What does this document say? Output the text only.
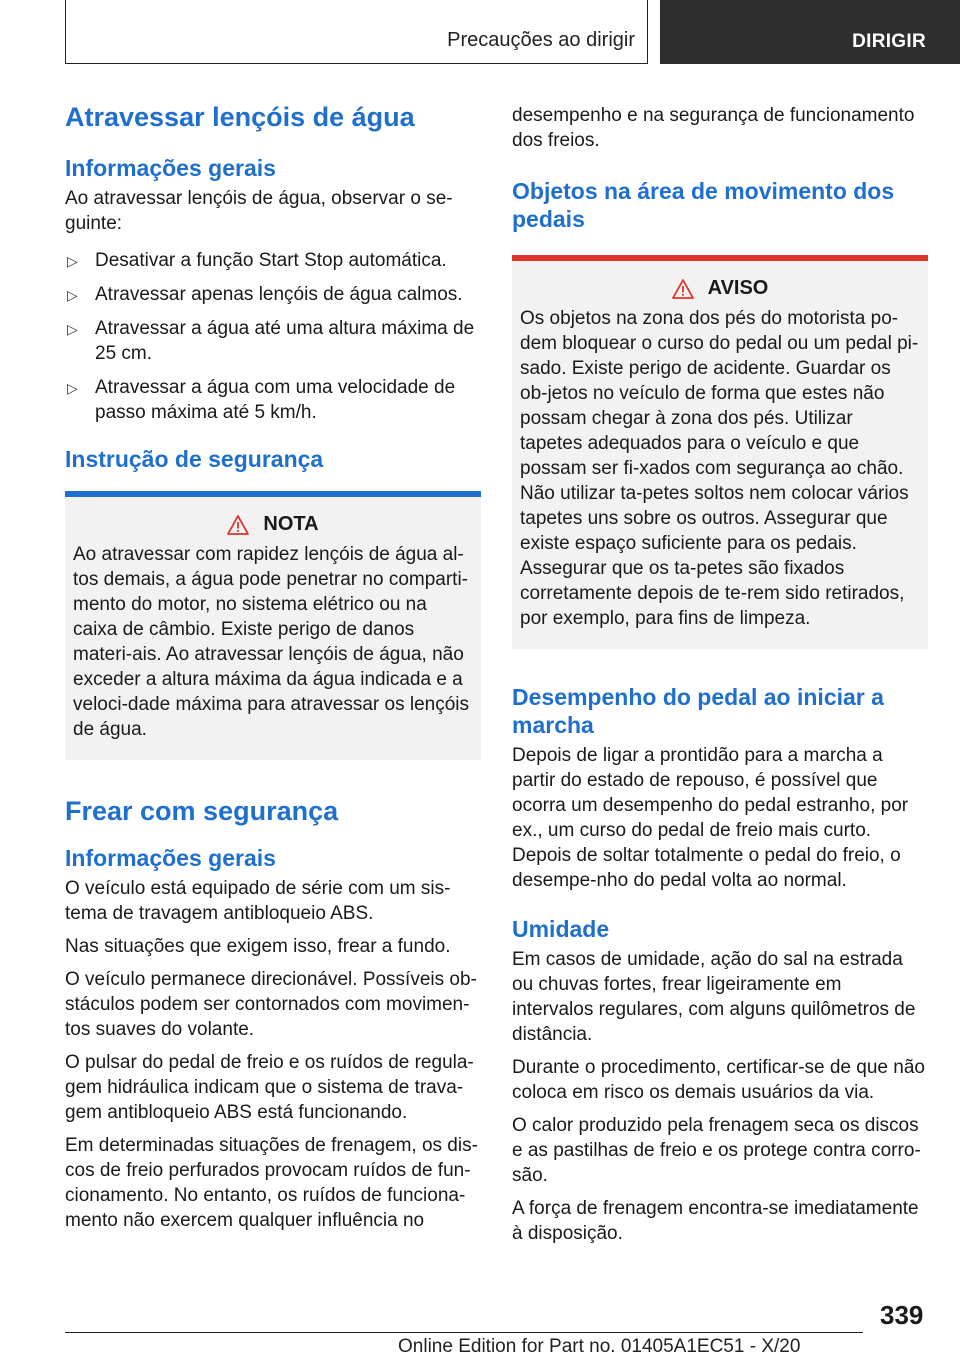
Precauções ao dirigir	DIRIGIR
Atravessar lençóis de água
Informações gerais

Ao atravessar lençóis de água, observar o se-guinte:

▷ Desativar a função Start Stop automática.
▷ Atravessar apenas lençóis de água calmos.
▷ Atravessar a água até uma altura máxima de 25 cm.
▷ Atravessar a água com uma velocidade de passo máxima até 5 km/h.
Instrução de segurança
NOTA

Ao atravessar com rapidez lençóis de água al-tos demais, a água pode penetrar no comparti-mento do motor, no sistema elétrico ou na caixa de câmbio. Existe perigo de danos materi-ais. Ao atravessar lençóis de água, não exceder a altura máxima da água indicada e a veloci-dade máxima para atravessar os lençóis de água.

Frear com segurança
Informações gerais

O veículo está equipado de série com um sis-tema de travagem antibloqueio ABS.

Nas situações que exigem isso, frear a fundo.

O veículo permanece direcionável. Possíveis ob-stáculos podem ser contornados com movimen-tos suaves do volante.

O pulsar do pedal de freio e os ruídos de regula-gem hidráulica indicam que o sistema de trava-gem antibloqueio ABS está funcionando.

Em determinadas situações de frenagem, os dis-cos de freio perfurados provocam ruídos de fun-cionamento. No entanto, os ruídos de funciona-mento não exercem qualquer influência no

desempenho e na segurança de funcionamento dos freios.

Objetos na área de movimento dos pedais
AVISO

Os objetos na zona dos pés do motorista po-dem bloquear o curso do pedal ou um pedal pi-sado. Existe perigo de acidente. Guardar os ob-jetos no veículo de forma que estes não possam chegar à zona dos pés. Utilizar tapetes adequados para o veículo e que possam ser fi-xados com segurança ao chão. Não utilizar ta-petes soltos nem colocar vários tapetes uns sobre os outros. Assegurar que existe espaço suficiente para os pedais. Assegurar que os ta-petes são fixados corretamente depois de te-rem sido retirados, por exemplo, para fins de limpeza.

Desempenho do pedal ao iniciar a marcha

Depois de ligar a prontidão para a marcha a partir do estado de repouso, é possível que ocorra um desempenho do pedal estranho, por ex., um curso do pedal de freio mais curto. Depois de soltar totalmente o pedal do freio, o desempe-nho do pedal volta ao normal.

Umidade

Em casos de umidade, ação do sal na estrada ou chuvas fortes, frear ligeiramente em intervalos regulares, com alguns quilômetros de distância.

Durante o procedimento, certificar-se de que não coloca em risco os demais usuários da via.

O calor produzido pela frenagem seca os discos e as pastilhas de freio e os protege contra corro-são.

A força de frenagem encontra-se imediatamente à disposição.

339
Online Edition for Part no. 01405A1EC51 - X/20
